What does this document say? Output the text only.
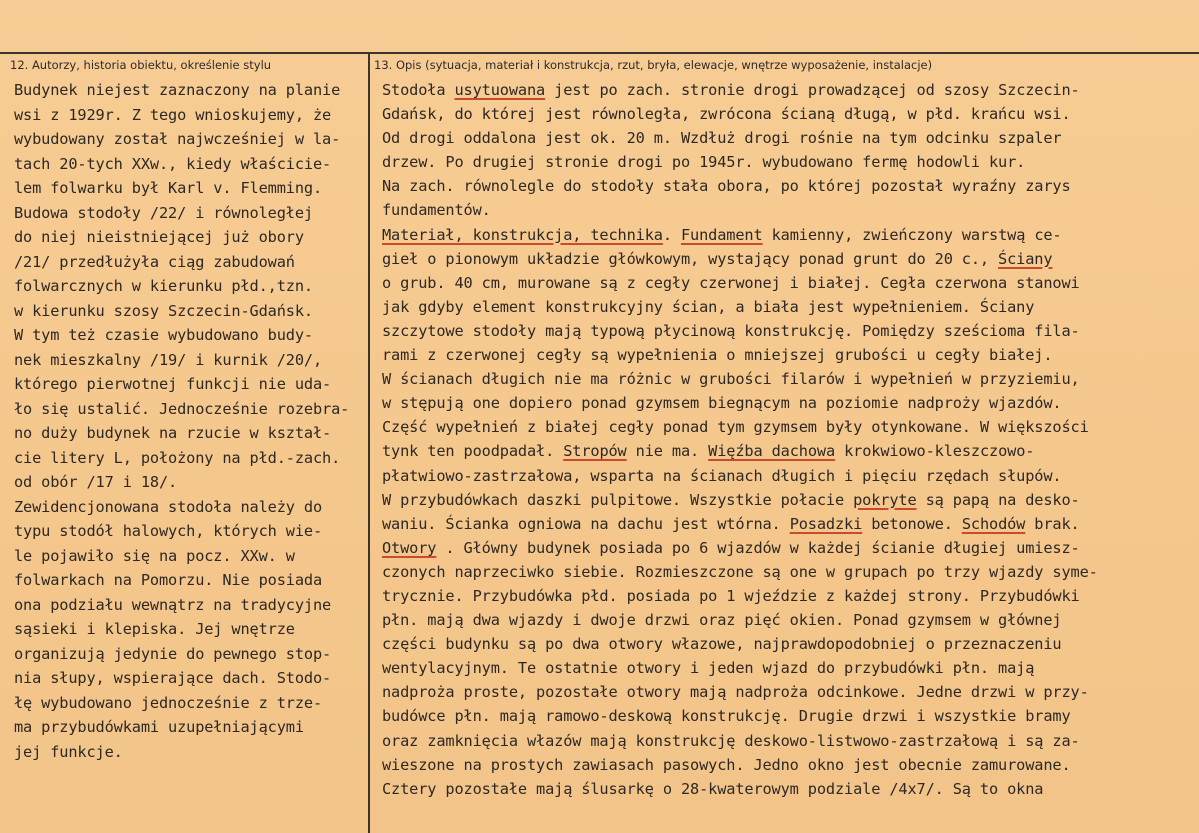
12. Autorzy, historia obiektu, określenie stylu	13. Opis (sytuacja, materiał i konstrukcja, rzut, bryła, elewacje, wnętrze wyposażenie, instalacje)
Budynek niejest zaznaczony na planie
wsi z 1929r. Z tego wnioskujemy, że
wybudowany został najwcześniej w la-
tach 20-tych XXw., kiedy właściciе-
lem folwarku był Karl v. Flemming.
Budowa stodoły /22/ i równoległej
do niej nieistniejącej już obory
/21/ przedłużyła ciąg zabudowań
folwarcznych w kierunku płd.,tzn.
w kierunku szosy Szczecin-Gdańsk.
W tym też czasie wybudowano budy-
nek mieszkalny /19/ i kurnik /20/,
którego pierwotnej funkcji nie uda-
ło się ustalić. Jednocześnie rozebra-
no duży budynek na rzucie w kształ-
cie litery L, położony na płd.-zach.
od obór /17 i 18/.
Zewidencjonowana stodoła należy do
typu stodół halowych, których wie-
le pojawiło się na pocz. XXw. w
folwarkach na Pomorzu. Nie posiada
ona podziału wewnątrz na tradycyjne
sąsieki i klepiska. Jej wnętrze
organizują jedynie do pewnego stop-
nia słupy, wspierające dach. Stodo-
łę wybudowano jednocześnie z trze-
ma przybudówkami uzupełniającymi
jej funkcje.
Stodoła usytuowana jest po zach. stronie drogi prowadzącej od szosy Szczecin-
Gdańsk, do której jest równoległa, zwrócona ścianą długą, w płd. krańcu wsi.
Od drogi oddalona jest ok. 20 m. Wzdłuż drogi rośnie na tym odcinku szpaler
drzew. Po drugiej stronie drogi po 1945r. wybudowano fermę hodowli kur.
Na zach. równolegle do stodoły stała obora, po której pozostał wyraźny zarys
fundamentów.
Materiał, konstrukcja, technika. Fundament kamienny, zwieńczony warstwą ce-
gieł o pionowym układzie główkowym, wystający ponad grunt do 20 c., Ściany
o grub. 40 cm, murowane są z cegły czerwonej i białej. Cegła czerwona stanowi
jak gdyby element konstrukcyjny ścian, a biała jest wypełnieniem. Ściany
szczytowe stodoły mają typową płycinową konstrukcję. Pomiędzy sześcioma fila-
rami z czerwonej cegły są wypełnienia o mniejszej grubości u cegły białej.
W ścianach długich nie ma różnic w grubości filarów i wypełnień w przyziemiu,
w stępują one dopiero ponad gzymsem biegnącym na poziomie nadproży wjazdów.
Część wypełnień z białej cegły ponad tym gzymsem były otynkowane. W większości
tynk ten poodpadał. Stropów nie ma. Więźba dachowa krokwiowo-kleszczowo-
płatwiowo-zastrzałowa, wsparta na ścianach długich i pięciu rzędach słupów.
W przybudówkach daszki pulpitowe. Wszystkie połacie pokryte są papą na desko-
waniu. Ścianka ogniowa na dachu jest wtórna. Posadzki betonowe. Schodów brak.
Otwory . Główny budynek posiada po 6 wjazdów w każdej ścianie długiej umiesz-
czonych naprzeciwko siebie. Rozmieszczone są one w grupach po trzy wjazdy syme-
trycznie. Przybudówka płd. posiada po 1 wjeździe z każdej strony. Przybudówki
płn. mają dwa wjazdy i dwoje drzwi oraz pięć okien. Ponad gzymsem w głównej
części budynku są po dwa otwory włazowe, najprawdopodobniej o przeznaczeniu
wentylacyjnym. Te ostatnie otwory i jeden wjazd do przybudówki płn. mają
nadproża proste, pozostałe otwory mają nadproża odcinkowe. Jedne drzwi w przy-
budówce płn. mają ramowo-deskową konstrukcję. Drugie drzwi i wszystkie bramy
oraz zamknięcia włazów mają konstrukcję deskowo-listwowo-zastrzałową i są za-
wieszone na prostych zawiasach pasowych. Jedno okno jest obecnie zamurowane.
Cztery pozostałe mają ślusarkę o 28-kwaterowym podziale /4x7/. Są to okna
